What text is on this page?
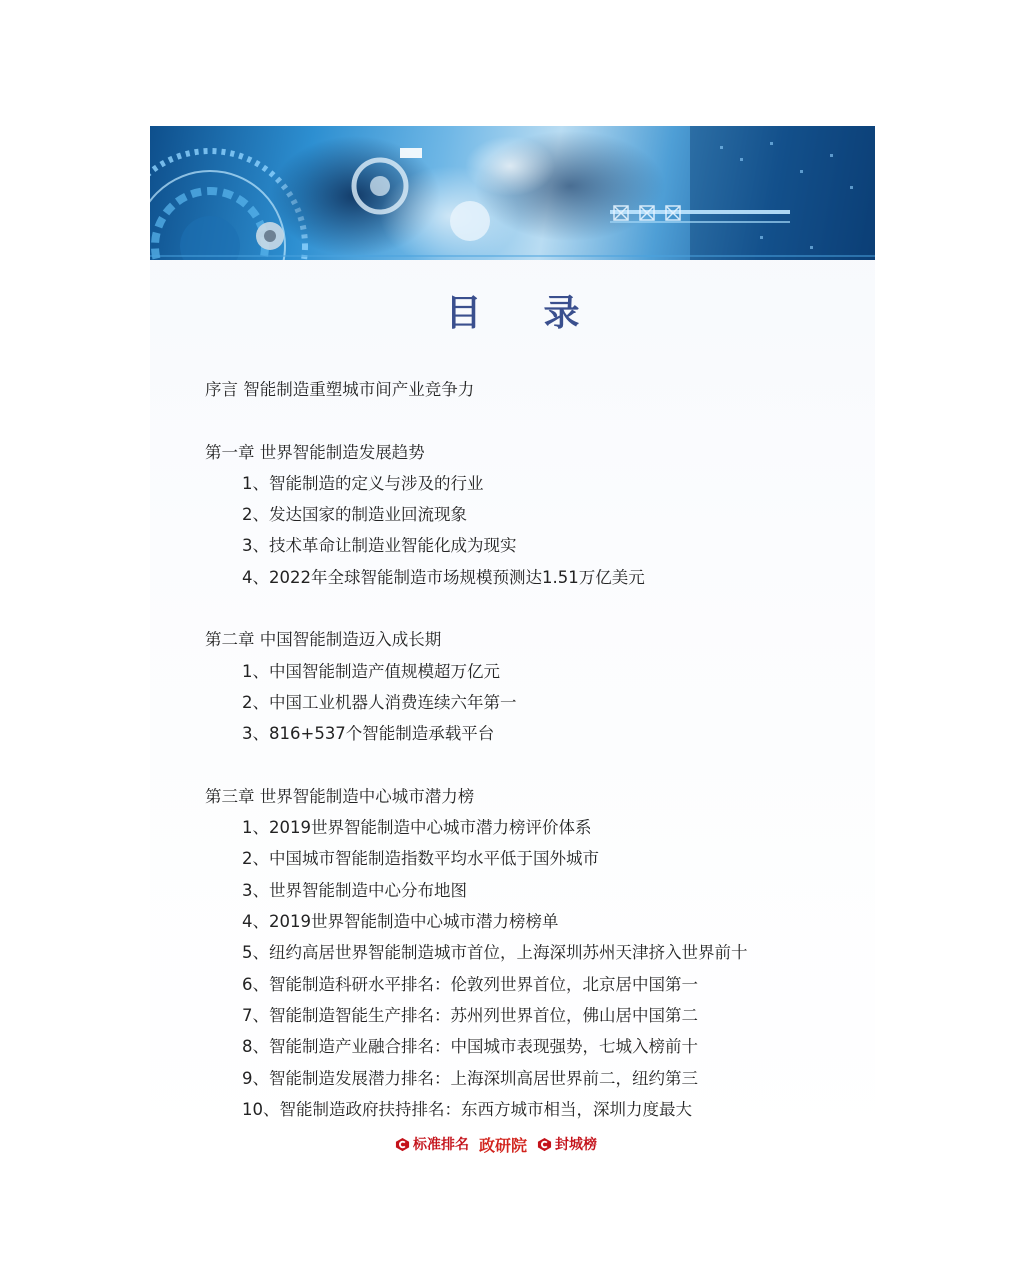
目录
序言 智能制造重塑城市间产业竞争力
第一章 世界智能制造发展趋势
1、智能制造的定义与涉及的行业
2、发达国家的制造业回流现象
3、技术革命让制造业智能化成为现实
4、2022年全球智能制造市场规模预测达1.51万亿美元
第二章 中国智能制造迈入成长期
1、中国智能制造产值规模超万亿元
2、中国工业机器人消费连续六年第一
3、816+537个智能制造承载平台
第三章 世界智能制造中心城市潜力榜
1、2019世界智能制造中心城市潜力榜评价体系
2、中国城市智能制造指数平均水平低于国外城市
3、世界智能制造中心分布地图
4、2019世界智能制造中心城市潜力榜榜单
5、纽约高居世界智能制造城市首位，上海深圳苏州天津挤入世界前十
6、智能制造科研水平排名：伦敦列世界首位，北京居中国第一
7、智能制造智能生产排名：苏州列世界首位，佛山居中国第二
8、智能制造产业融合排名：中国城市表现强势，七城入榜前十
9、智能制造发展潜力排名：上海深圳高居世界前二，纽约第三
10、智能制造政府扶持排名：东西方城市相当，深圳力度最大
标准排名 政研院 封城榜
